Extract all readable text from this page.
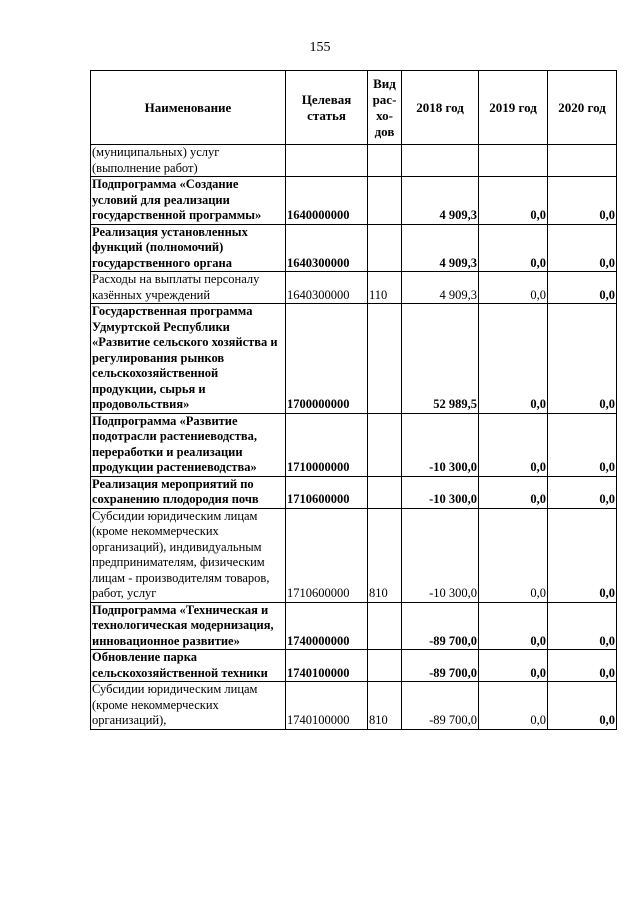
155
Наименование	Целевая статья	Вид
рас-
хо-
дов	2018 год	2019 год	2020 год
(муниципальных) услуг (выполнение работ)					
Подпрограмма «Создание условий для реализации государственной программы»	1640000000		4 909,3	0,0	0,0
Реализация установленных функций (полномочий) государственного органа	1640300000		4 909,3	0,0	0,0
Расходы на выплаты персоналу казённых учреждений	1640300000	110	4 909,3	0,0	0,0
Государственная программа Удмуртской Республики «Развитие сельского хозяйства и регулирования рынков сельскохозяйственной продукции, сырья и продовольствия»	1700000000		52 989,5	0,0	0,0
Подпрограмма «Развитие подотрасли растениеводства, переработки и реализации продукции растениеводства»	1710000000		-10 300,0	0,0	0,0
Реализация мероприятий по сохранению плодородия почв	1710600000		-10 300,0	0,0	0,0
Субсидии юридическим лицам (кроме некоммерческих организаций), индивидуальным предпринимателям, физическим лицам - производителям товаров, работ, услуг	1710600000	810	-10 300,0	0,0	0,0
Подпрограмма «Техническая и технологическая модернизация, инновационное развитие»	1740000000		-89 700,0	0,0	0,0
Обновление парка сельскохозяйственной техники	1740100000		-89 700,0	0,0	0,0
Субсидии юридическим лицам (кроме некоммерческих организаций),	1740100000	810	-89 700,0	0,0	0,0
